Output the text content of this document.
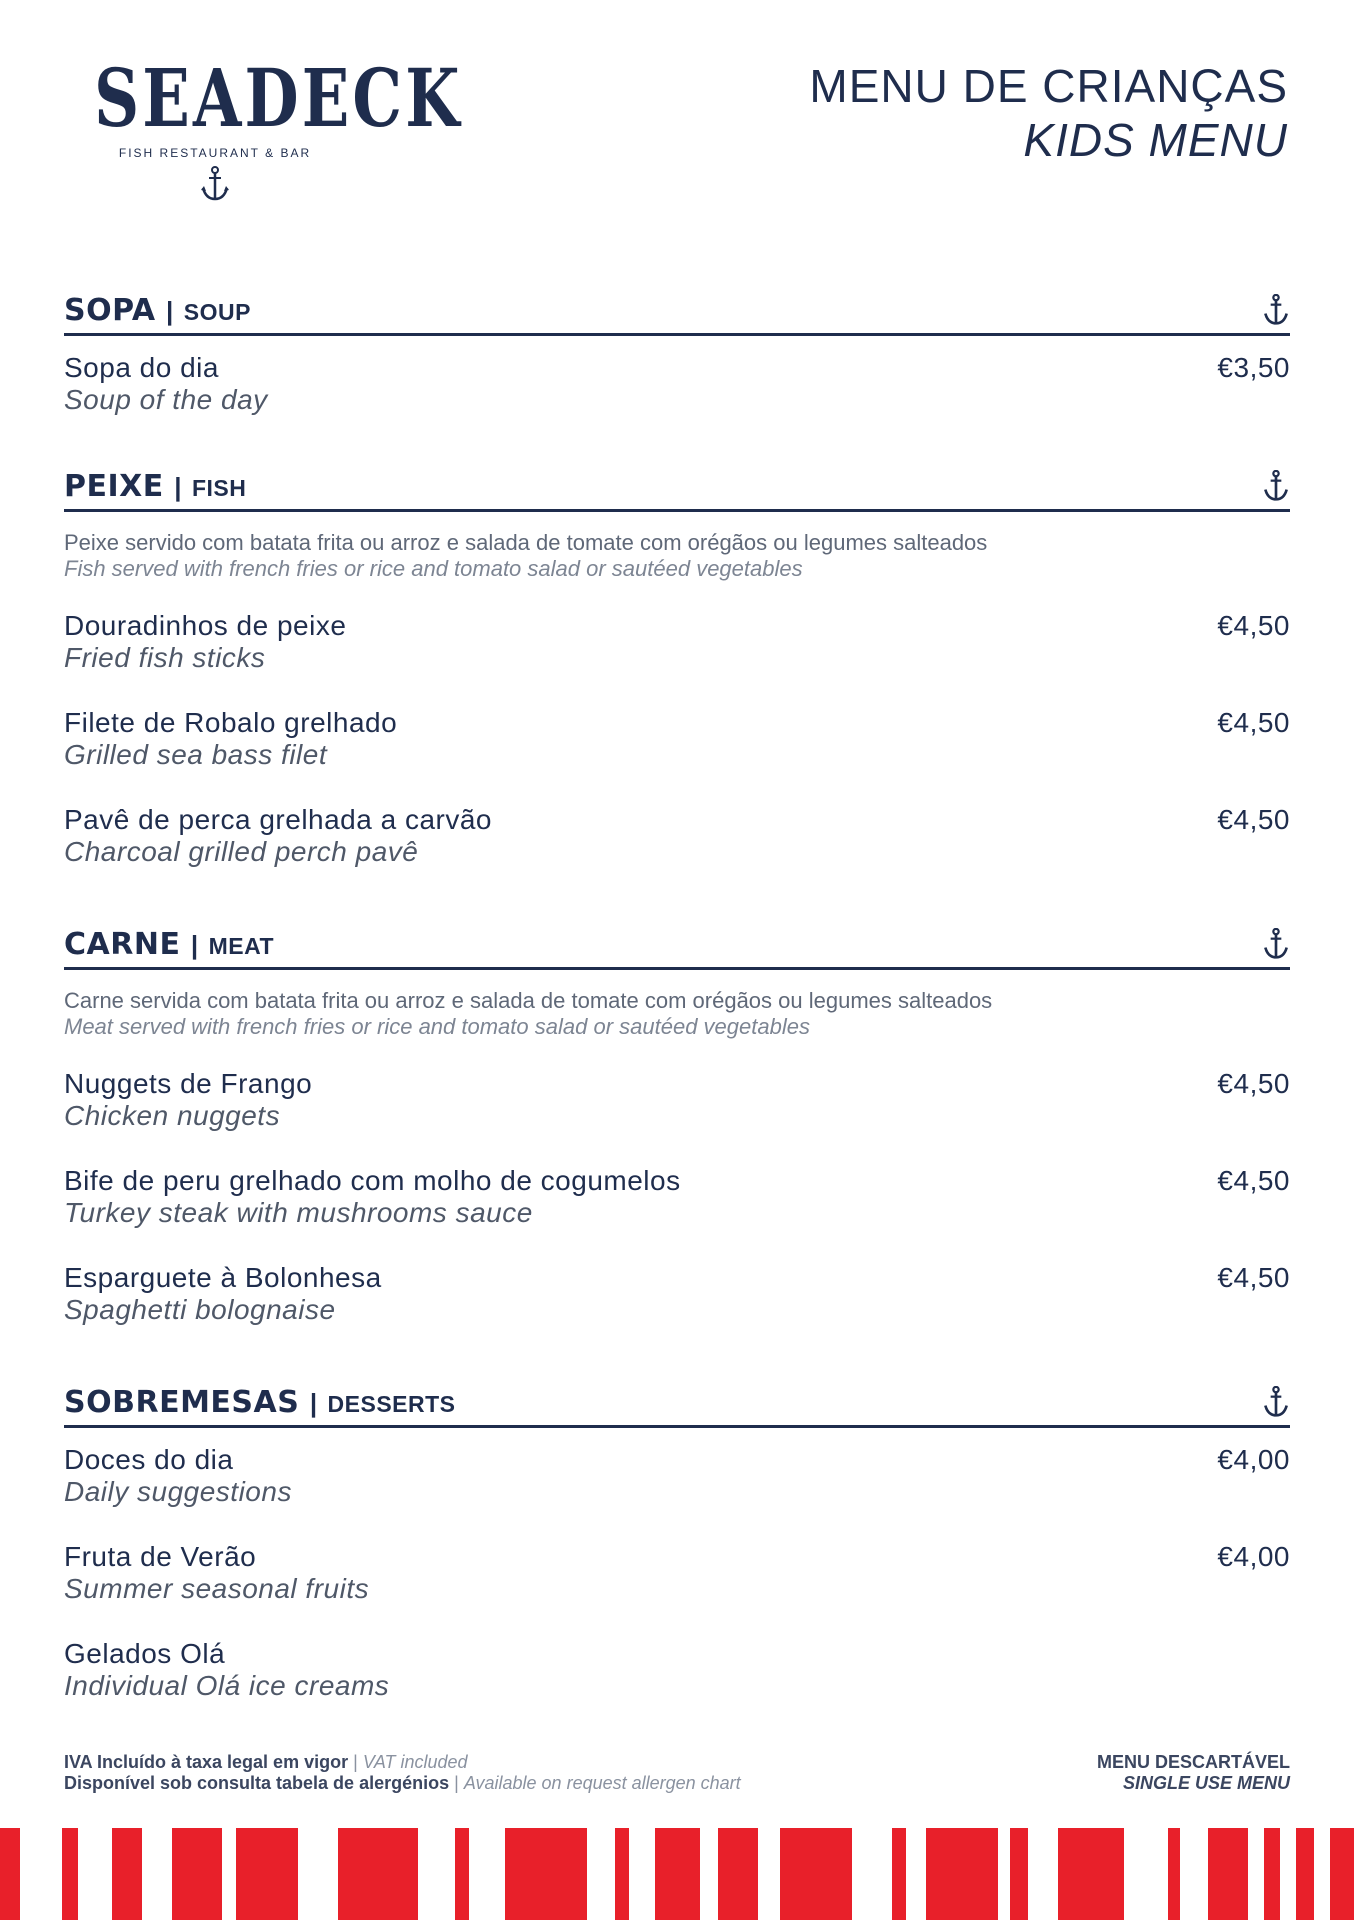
SEADECK
FISH RESTAURANT & BAR
MENU DE CRIANÇAS
KIDS MENU
SOPA | SOUP
Sopa do dia
Soup of the day
€3,50
PEIXE | FISH
Peixe servido com batata frita ou arroz e salada de tomate com orégãos ou legumes salteados
Fish served with french fries or rice and tomato salad or sautéed vegetables
Douradinhos de peixe
Fried fish sticks
€4,50
Filete de Robalo grelhado
Grilled sea bass filet
€4,50
Pavê de perca grelhada a carvão
Charcoal grilled perch pavê
€4,50
CARNE | MEAT
Carne servida com batata frita ou arroz e salada de tomate com orégãos ou legumes salteados
Meat served with french fries or rice and tomato salad or sautéed vegetables
Nuggets de Frango
Chicken nuggets
€4,50
Bife de peru grelhado com molho de cogumelos
Turkey steak with mushrooms sauce
€4,50
Esparguete à Bolonhesa
Spaghetti bolognaise
€4,50
SOBREMESAS | DESSERTS
Doces do dia
Daily suggestions
€4,00
Fruta de Verão
Summer seasonal fruits
€4,00
Gelados Olá
Individual Olá ice creams
IVA Incluído à taxa legal em vigor | VAT included
Disponível sob consulta tabela de alergénios | Available on request allergen chart
MENU DESCARTÁVEL
SINGLE USE MENU
